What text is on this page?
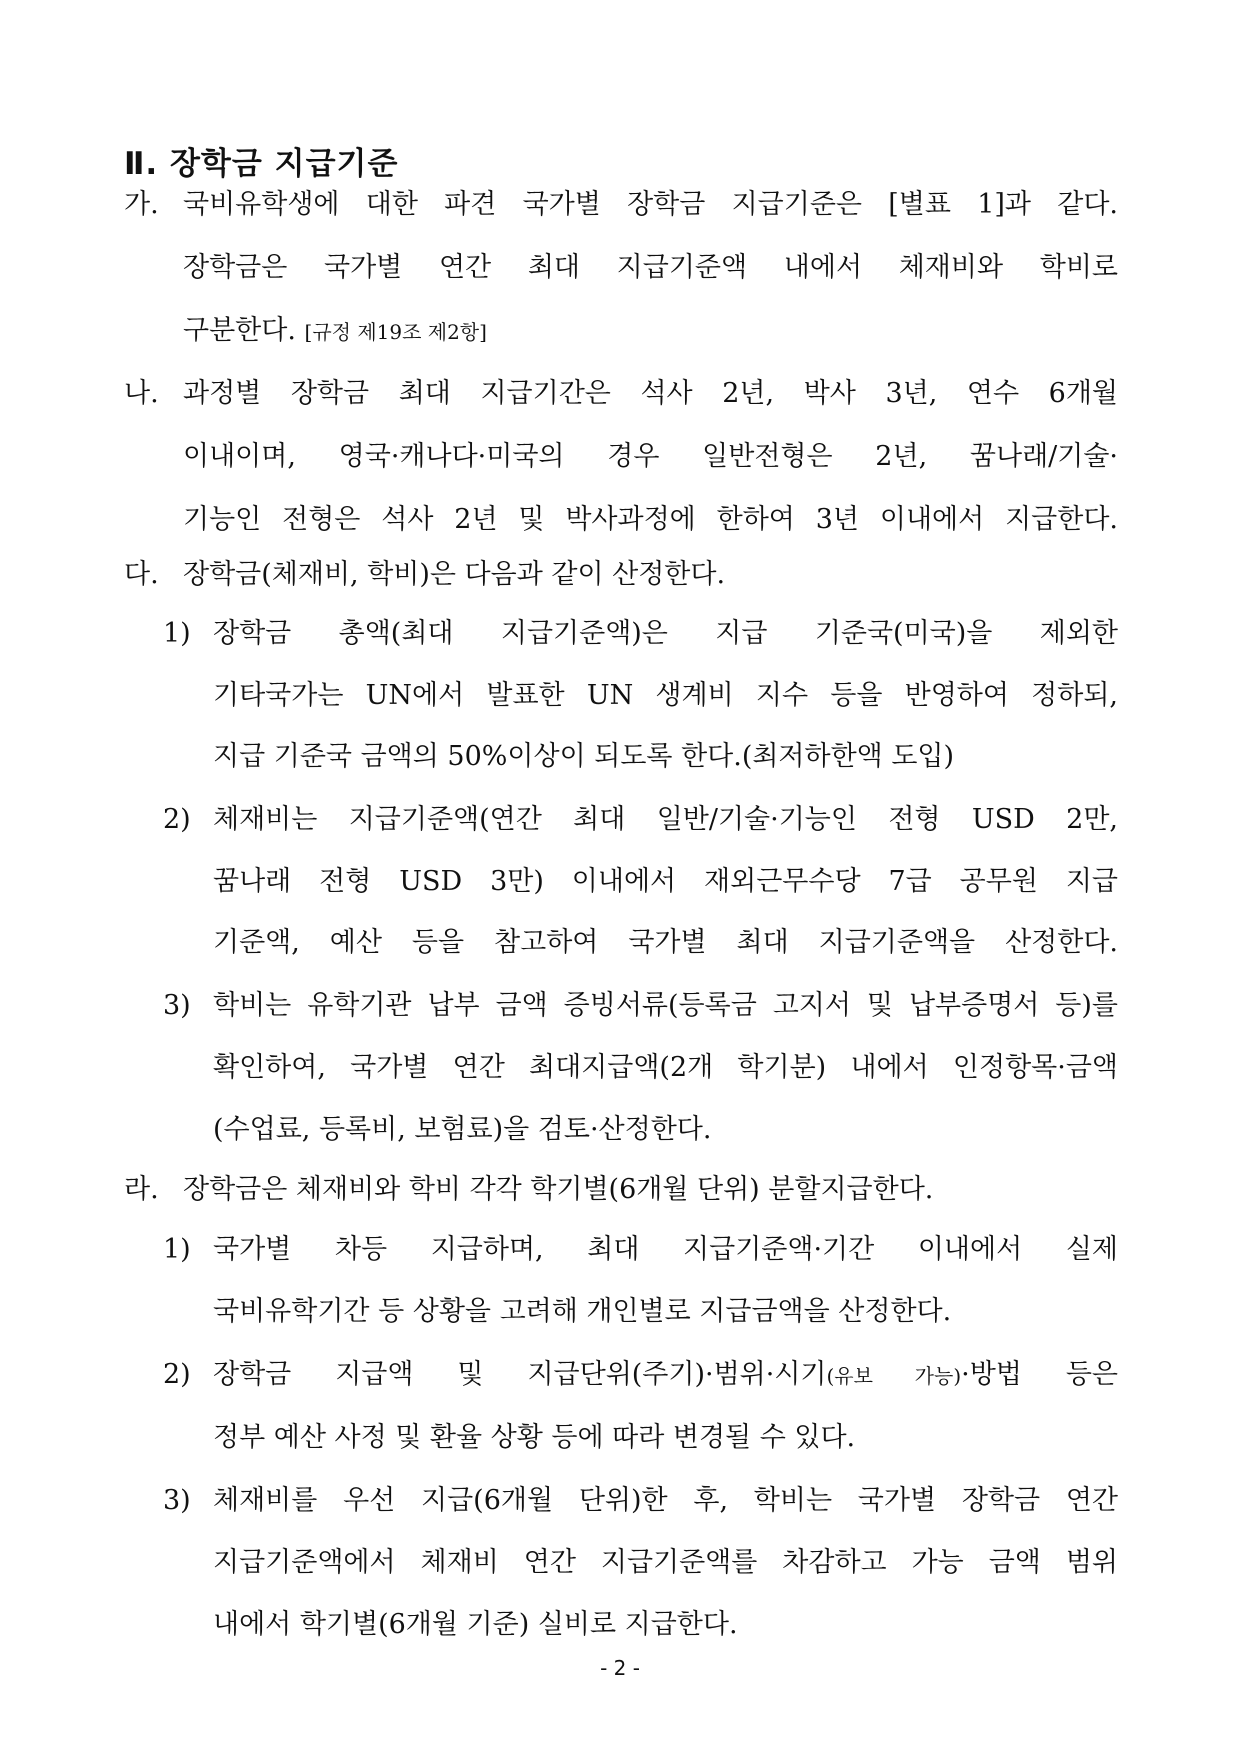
Ⅱ. 장학금 지급기준
가. 국비유학생에 대한 파견 국가별 장학금 지급기준은 [별표 1]과 같다.

장학금은 국가별 연간 최대 지급기준액 내에서 체재비와 학비로

구분한다. [규정 제19조 제2항]

나. 과정별 장학금 최대 지급기간은 석사 2년, 박사 3년, 연수 6개월

이내이며, 영국·캐나다·미국의 경우 일반전형은 2년, 꿈나래/기술·

기능인 전형은 석사 2년 및 박사과정에 한하여 3년 이내에서 지급한다.

다. 장학금(체재비, 학비)은 다음과 같이 산정한다.

1) 장학금 총액(최대 지급기준액)은 지급 기준국(미국)을 제외한

기타국가는 UN에서 발표한 UN 생계비 지수 등을 반영하여 정하되,

지급 기준국 금액의 50%이상이 되도록 한다.(최저하한액 도입)

2) 체재비는 지급기준액(연간 최대 일반/기술·기능인 전형 USD 2만,

꿈나래 전형 USD 3만) 이내에서 재외근무수당 7급 공무원 지급

기준액, 예산 등을 참고하여 국가별 최대 지급기준액을 산정한다.

3) 학비는 유학기관 납부 금액 증빙서류(등록금 고지서 및 납부증명서 등)를

확인하여, 국가별 연간 최대지급액(2개 학기분) 내에서 인정항목·금액

(수업료, 등록비, 보험료)을 검토·산정한다.

라. 장학금은 체재비와 학비 각각 학기별(6개월 단위) 분할지급한다.

1) 국가별 차등 지급하며, 최대 지급기준액·기간 이내에서 실제

국비유학기간 등 상황을 고려해 개인별로 지급금액을 산정한다.

2) 장학금 지급액 및 지급단위(주기)·범위·시기(유보 가능)·방법 등은

정부 예산 사정 및 환율 상황 등에 따라 변경될 수 있다.

3) 체재비를 우선 지급(6개월 단위)한 후, 학비는 국가별 장학금 연간

지급기준액에서 체재비 연간 지급기준액를 차감하고 가능 금액 범위

내에서 학기별(6개월 기준) 실비로 지급한다.

- 2 -
